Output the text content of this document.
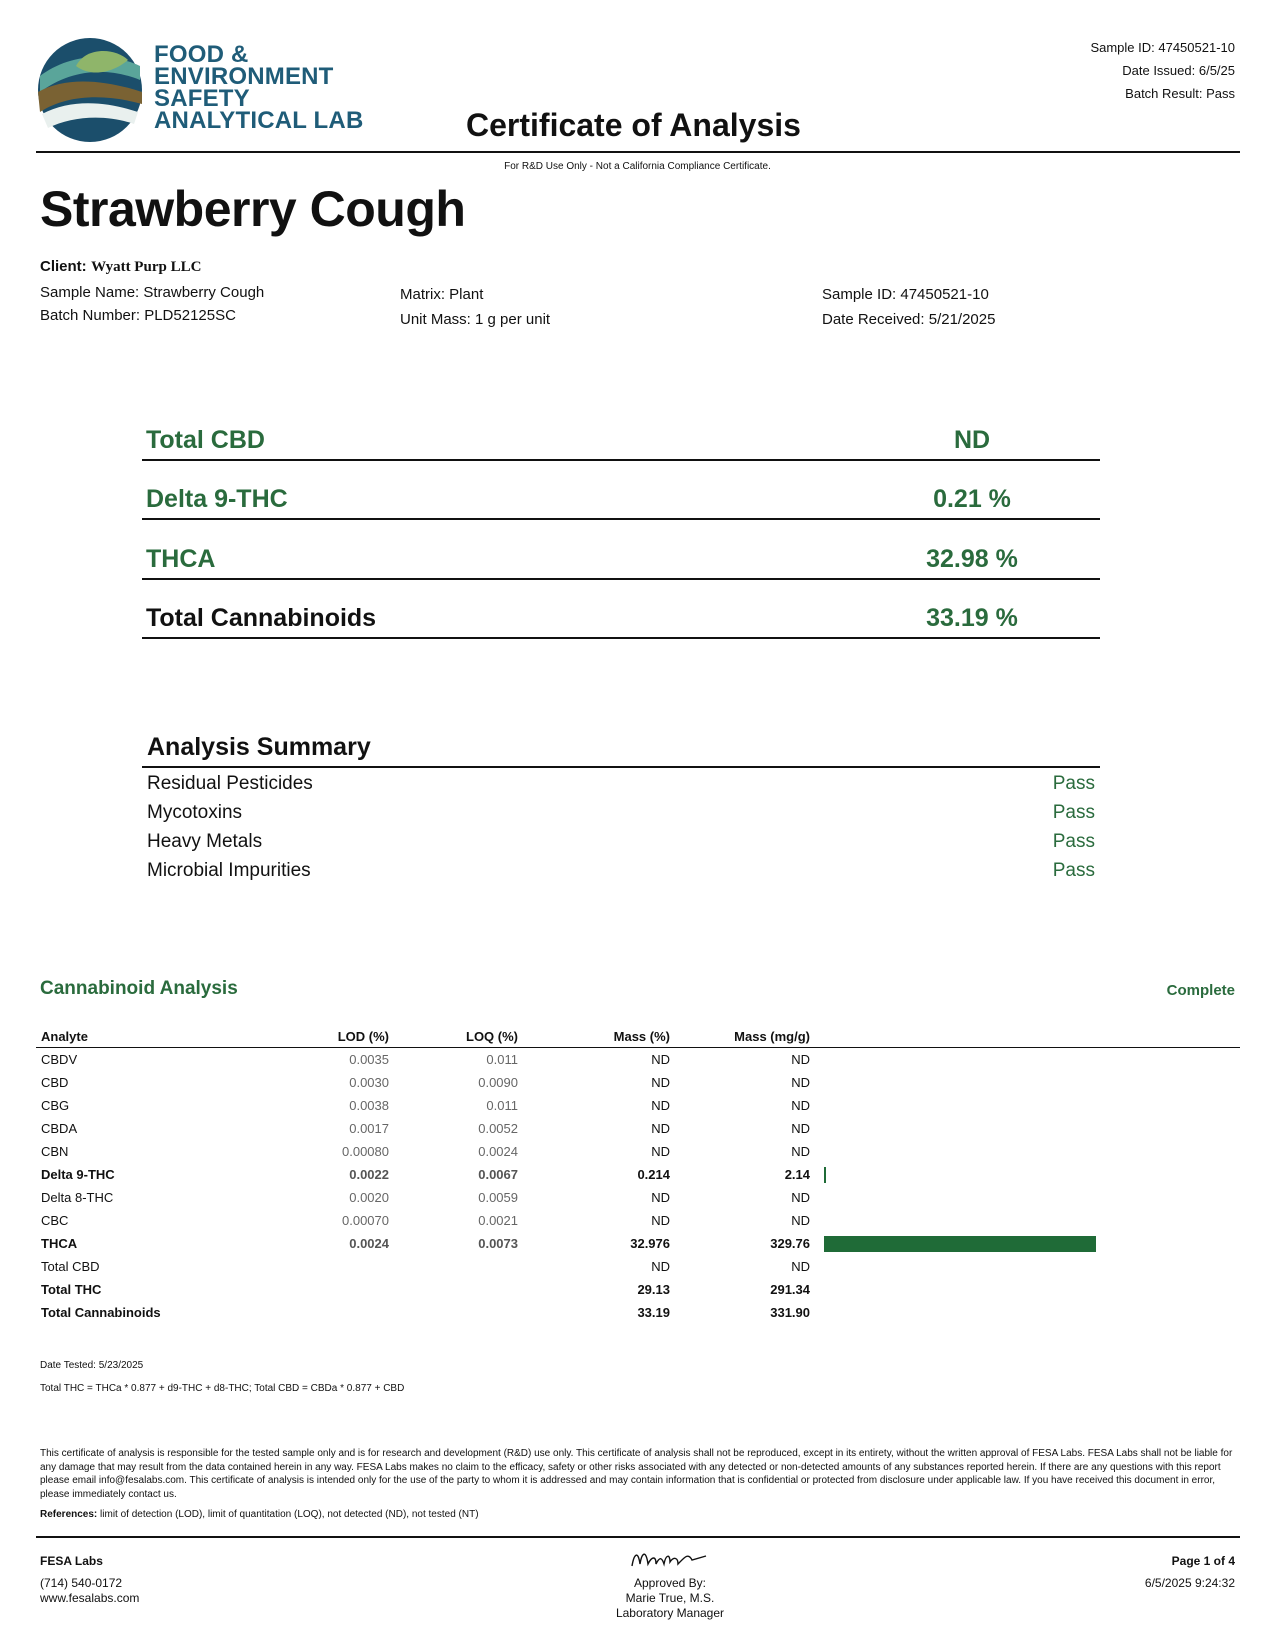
FOOD &
ENVIRONMENT
SAFETY
ANALYTICAL LAB
Sample ID: 47450521-10
Date Issued: 6/5/25
Batch Result: Pass
Certificate of Analysis
For R&D Use Only - Not a California Compliance Certificate.
Strawberry Cough
Client: Wyatt Purp LLC
Sample Name: Strawberry Cough
Batch Number: PLD52125SC
Matrix: Plant
Unit Mass: 1 g per unit
Sample ID: 47450521-10
Date Received: 5/21/2025
Total CBD	ND
Delta 9-THC	0.21 %
THCA	32.98 %
Total Cannabinoids	33.19 %
Analysis Summary
Residual Pesticides	Pass
Mycotoxins	Pass
Heavy Metals	Pass
Microbial Impurities	Pass
Cannabinoid Analysis	Complete
Analyte	LOD (%)	LOQ (%)	Mass (%)	Mass (mg/g)	
CBDV	0.0035	0.011	ND	ND	
CBD	0.0030	0.0090	ND	ND	
CBG	0.0038	0.011	ND	ND	
CBDA	0.0017	0.0052	ND	ND	
CBN	0.00080	0.0024	ND	ND	
Delta 9-THC	0.0022	0.0067	0.214	2.14	
Delta 8-THC	0.0020	0.0059	ND	ND	
CBC	0.00070	0.0021	ND	ND	
THCA	0.0024	0.0073	32.976	329.76	
Total CBD			ND	ND	
Total THC			29.13	291.34	
Total Cannabinoids			33.19	331.90	
Date Tested: 5/23/2025
Total THC = THCa * 0.877 + d9-THC + d8-THC; Total CBD = CBDa * 0.877 + CBD
This certificate of analysis is responsible for the tested sample only and is for research and development (R&D) use only. This certificate of analysis shall not be reproduced, except in its entirety, without the written approval of FESA Labs. FESA Labs shall not be liable for any damage that may result from the data contained herein in any way. FESA Labs makes no claim to the efficacy, safety or other risks associated with any detected or non-detected amounts of any substances reported herein. If there are any questions with this report please email info@fesalabs.com. This certificate of analysis is intended only for the use of the party to whom it is addressed and may contain information that is confidential or protected from disclosure under applicable law. If you have received this document in error, please immediately contact us.
References: limit of detection (LOD), limit of quantitation (LOQ), not detected (ND), not tested (NT)
FESA Labs
(714) 540-0172
www.fesalabs.com
Approved By:
Marie True, M.S.
Laboratory Manager
Page 1 of 4
6/5/2025 9:24:32
